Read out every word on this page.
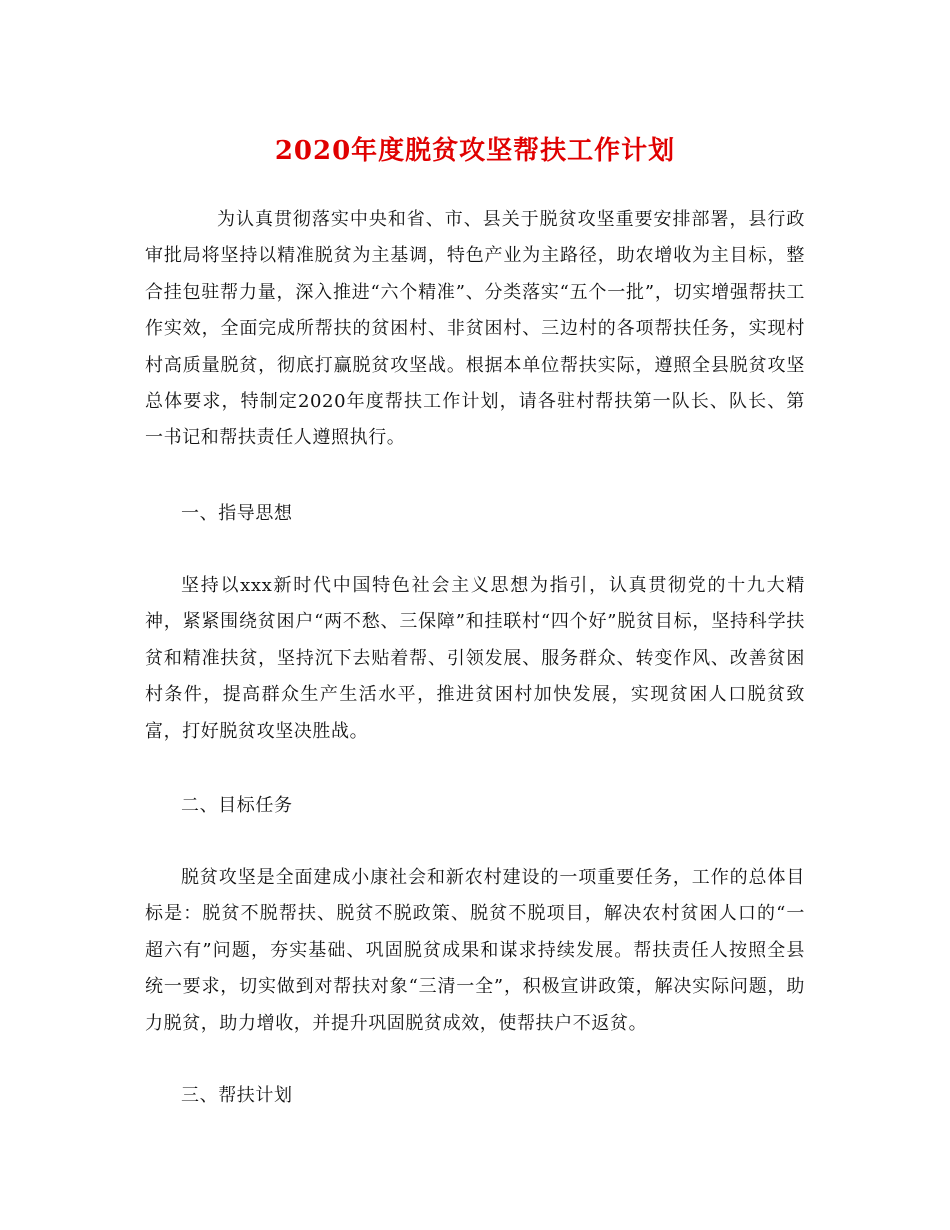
2020年度脱贫攻坚帮扶工作计划

为认真贯彻落实中央和省、市、县关于脱贫攻坚重要安排部署，县行政审批局将坚持以精准脱贫为主基调，特色产业为主路径，助农增收为主目标，整合挂包驻帮力量，深入推进“六个精准”、分类落实“五个一批”，切实增强帮扶工作实效，全面完成所帮扶的贫困村、非贫困村、三边村的各项帮扶任务，实现村村高质量脱贫，彻底打赢脱贫攻坚战。根据本单位帮扶实际，遵照全县脱贫攻坚总体要求，特制定2020年度帮扶工作计划，请各驻村帮扶第一队长、队长、第一书记和帮扶责任人遵照执行。

一、指导思想

坚持以xxx新时代中国特色社会主义思想为指引，认真贯彻党的十九大精神，紧紧围绕贫困户“两不愁、三保障”和挂联村“四个好”脱贫目标，坚持科学扶贫和精准扶贫，坚持沉下去贴着帮、引领发展、服务群众、转变作风、改善贫困村条件，提高群众生产生活水平，推进贫困村加快发展，实现贫困人口脱贫致富，打好脱贫攻坚决胜战。

二、目标任务

脱贫攻坚是全面建成小康社会和新农村建设的一项重要任务，工作的总体目标是：脱贫不脱帮扶、脱贫不脱政策、脱贫不脱项目，解决农村贫困人口的“一超六有”问题，夯实基础、巩固脱贫成果和谋求持续发展。帮扶责任人按照全县统一要求，切实做到对帮扶对象“三清一全”，积极宣讲政策，解决实际问题，助力脱贫，助力增收，并提升巩固脱贫成效，使帮扶户不返贫。

三、帮扶计划
